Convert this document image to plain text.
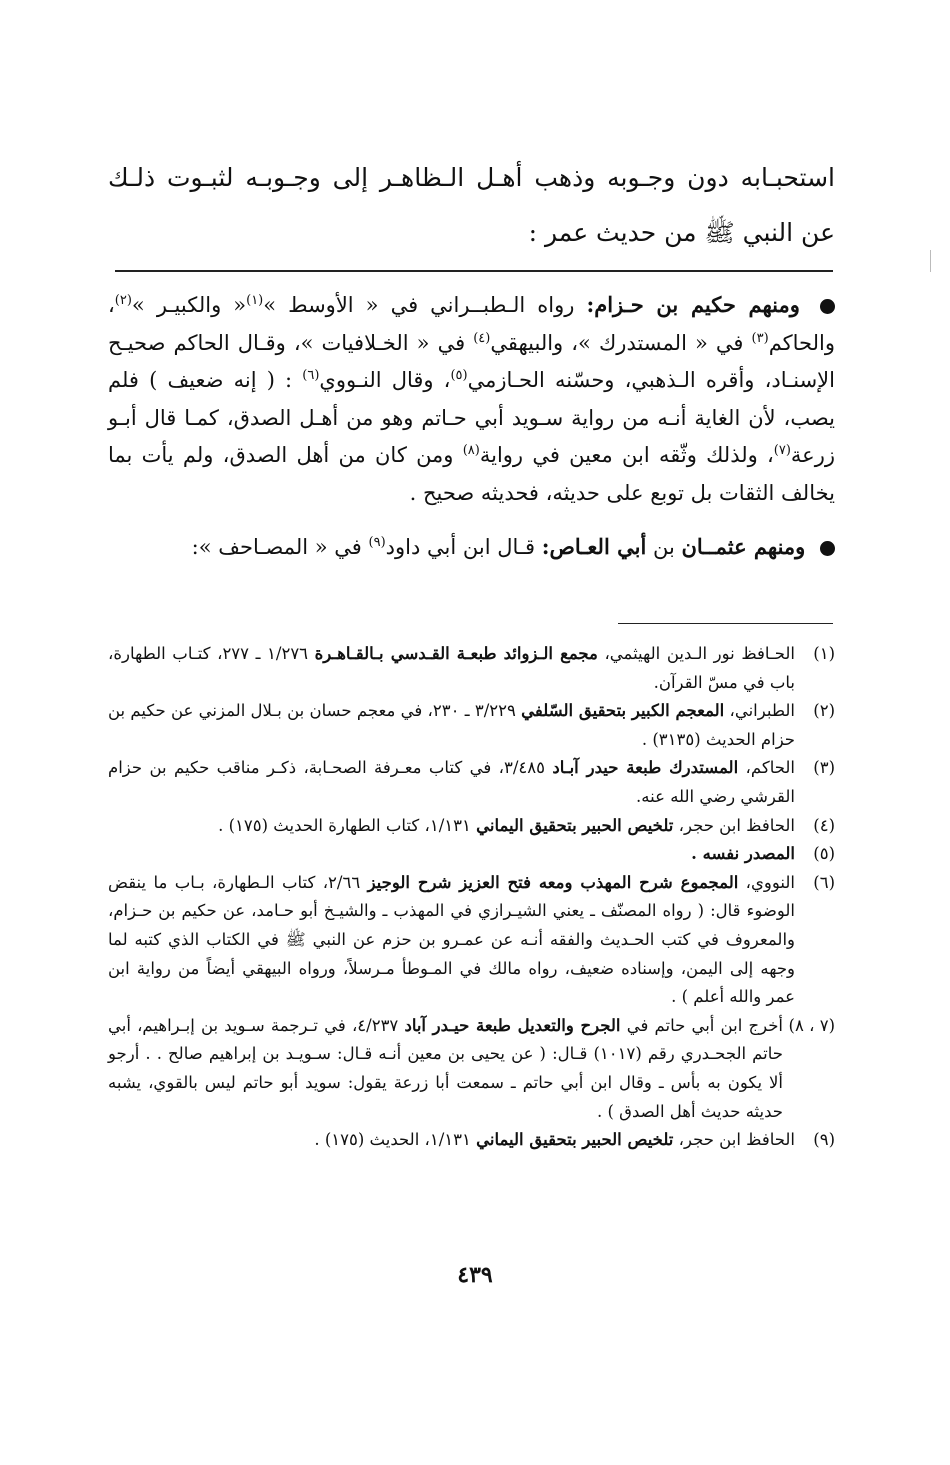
استحبـابه دون وجـوبه وذهب أهـل الـظاهـر إلى وجـوبـه لثبـوت ذلـك عن النبي ﷺ من حديث عمر :

ومنهم حكيم بن حـزام: رواه الـطبــراني في « الأوسط »$^{(١)}$« والكبيـر »$^{(٢)}$، والحاكم$^{(٣)}$ في « المستدرك »، والبيهقي$^{(٤)}$ في « الخـلافيات »، وقـال الحاكم صحيـح الإسنـاد، وأقره الـذهبي، وحسّنه الحـازمي$^{(٥)}$، وقال النـووي$^{(٦)}$ : ( إنه ضعيف ) فلم يصب، لأن الغاية أنـه من رواية سـويد أبي حـاتم وهو من أهـل الصدق، كمـا قال أبـو زرعة$^{(٧)}$، ولذلك وثّقه ابن معين في رواية$^{(٨)}$ ومن كان من أهل الصدق، ولم يأت بما يخالف الثقات بل توبع على حديثه، فحديثه صحيح .

ومنهم عثمــان بن أبي العـاص: قـال ابن أبي داود$^{(٩)}$ في « المصـاحف »:

(١)
الحـافظ نور الـدين الهيثمي، مجمع الـزوائد طبعـة القـدسي بـالقـاهـرة ١/٢٧٦ ـ ٢٧٧، كتـاب الطهارة، باب في مسّ القرآن.
(٢)
الطبراني، المعجم الكبير بتحقيق السّلفي ٣/٢٢٩ ـ ٢٣٠، في معجم حسان بن بـلال المزني عن حكيم بن حزام الحديث (٣١٣٥) .
(٣)
الحاكم، المستدرك طبعة حيدر آبـاد ٣/٤٨٥، في كتاب معـرفة الصحـابة، ذكـر مناقب حكيم بن حزام القرشي رضي الله عنه.
(٤)
الحافظ ابن حجر، تلخيص الحبير بتحقيق اليماني ١/١٣١، كتاب الطهارة الحديث (١٧٥) .
(٥)
المصدر نفسه .
(٦)
النووي، المجموع شرح المهذب ومعه فتح العزيز شرح الوجيز ٢/٦٦، كتاب الـطهارة، بـاب ما ينقض الوضوء قال: ( رواه المصنّف ـ يعني الشيـرازي في المهذب ـ والشيـخ أبو حـامد، عن حكيم بن حـزام، والمعروف في كتب الحـديث والفقه أنـه عن عمـرو بن حزم عن النبي ﷺ في الكتاب الذي كتبه لما وجهه إلى اليمن، وإسناده ضعيف، رواه مالك في المـوطأ مـرسلاً، ورواه البيهقي أيضاً من رواية ابن عمر والله أعلم ) .
(٧ ، ٨)
أخرج ابن أبي حاتم في الجرح والتعديل طبعة حيـدر آباد ٤/٢٣٧، في تـرجمة سـويد بن إبـراهيم، أبي حاتم الجحـدري رقم (١٠١٧) قـال: ( عن يحيى بن معين أنـه قـال: سـويـد بن إبراهيم صالح . . أرجو ألا يكون به بأس ـ وقال ابن أبي حاتم ـ سمعت أبا زرعة يقول: سويد أبو حاتم ليس بالقوي، يشبه حديثه حديث أهل الصدق ) .
(٩)
الحافظ ابن حجر، تلخيص الحبير بتحقيق اليماني ١/١٣١، الحديث (١٧٥) .
٤٣٩
